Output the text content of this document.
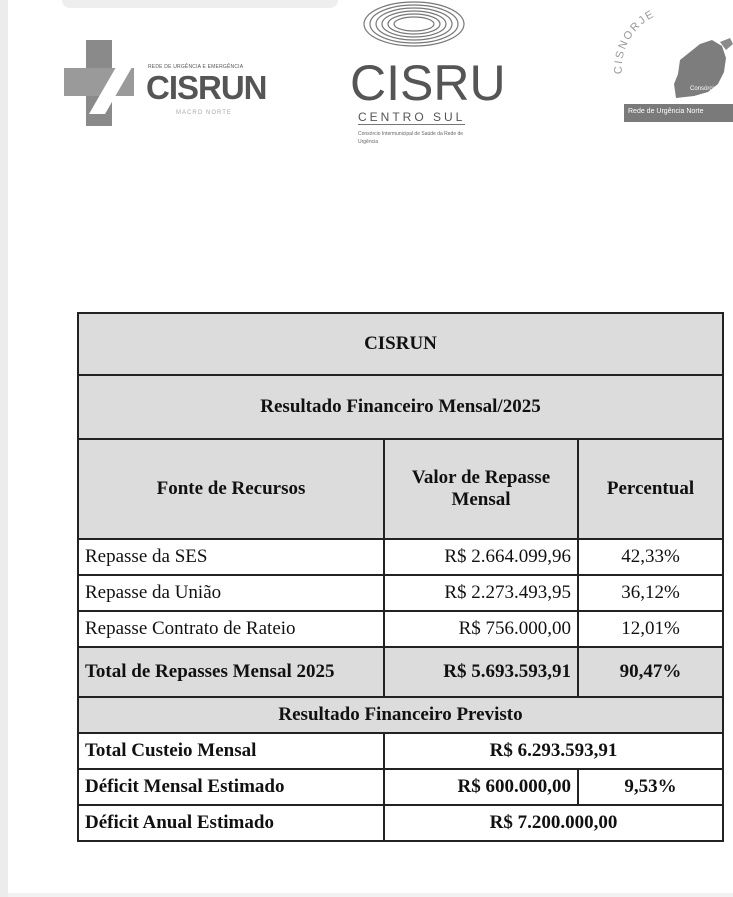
REDE DE URGÊNCIA E EMERGÊNCIA
CISRUN
MACRO NORTE
CISRU
CENTRO SUL
Consórcio Intermunicipal de Saúde da Rede de Urgência
CISNORJE
Consórcio
Rede de Urgência Norte
CISRUN		
Resultado Financeiro Mensal/2025		
Fonte de Recursos	Valor de Repasse Mensal	Percentual
Repasse da SES	R$ 2.664.099,96	42,33%
Repasse da União	R$ 2.273.493,95	36,12%
Repasse Contrato de Rateio	R$ 756.000,00	12,01%
Total de Repasses Mensal 2025	R$ 5.693.593,91	90,47%
Resultado Financeiro Previsto		
Total Custeio Mensal	R$ 6.293.593,91	
Déficit Mensal Estimado	R$ 600.000,00	9,53%
Déficit Anual Estimado	R$ 7.200.000,00	
